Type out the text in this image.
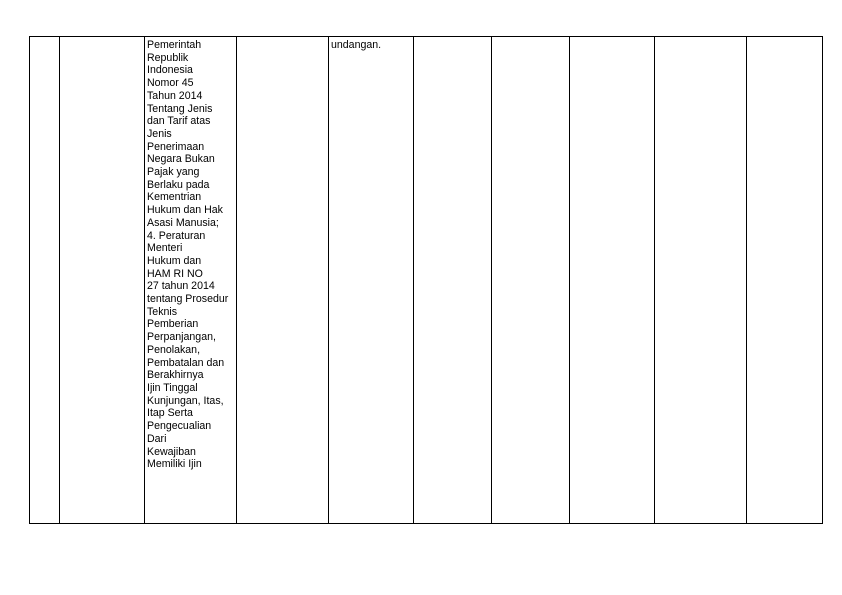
Pemerintah
Republik
Indonesia
Nomor 45
Tahun 2014
Tentang Jenis
dan Tarif atas
Jenis
Penerimaan
Negara Bukan
Pajak yang
Berlaku pada
Kementrian
Hukum dan Hak
Asasi Manusia;
4. Peraturan
Menteri
Hukum dan
HAM RI NO
27 tahun 2014
tentang Prosedur
Teknis
Pemberian
Perpanjangan,
Penolakan,
Pembatalan dan
Berakhirnya
Ijin Tinggal
Kunjungan, Itas,
Itap Serta
Pengecualian
Dari
Kewajiban
Memiliki Ijin
undangan.
